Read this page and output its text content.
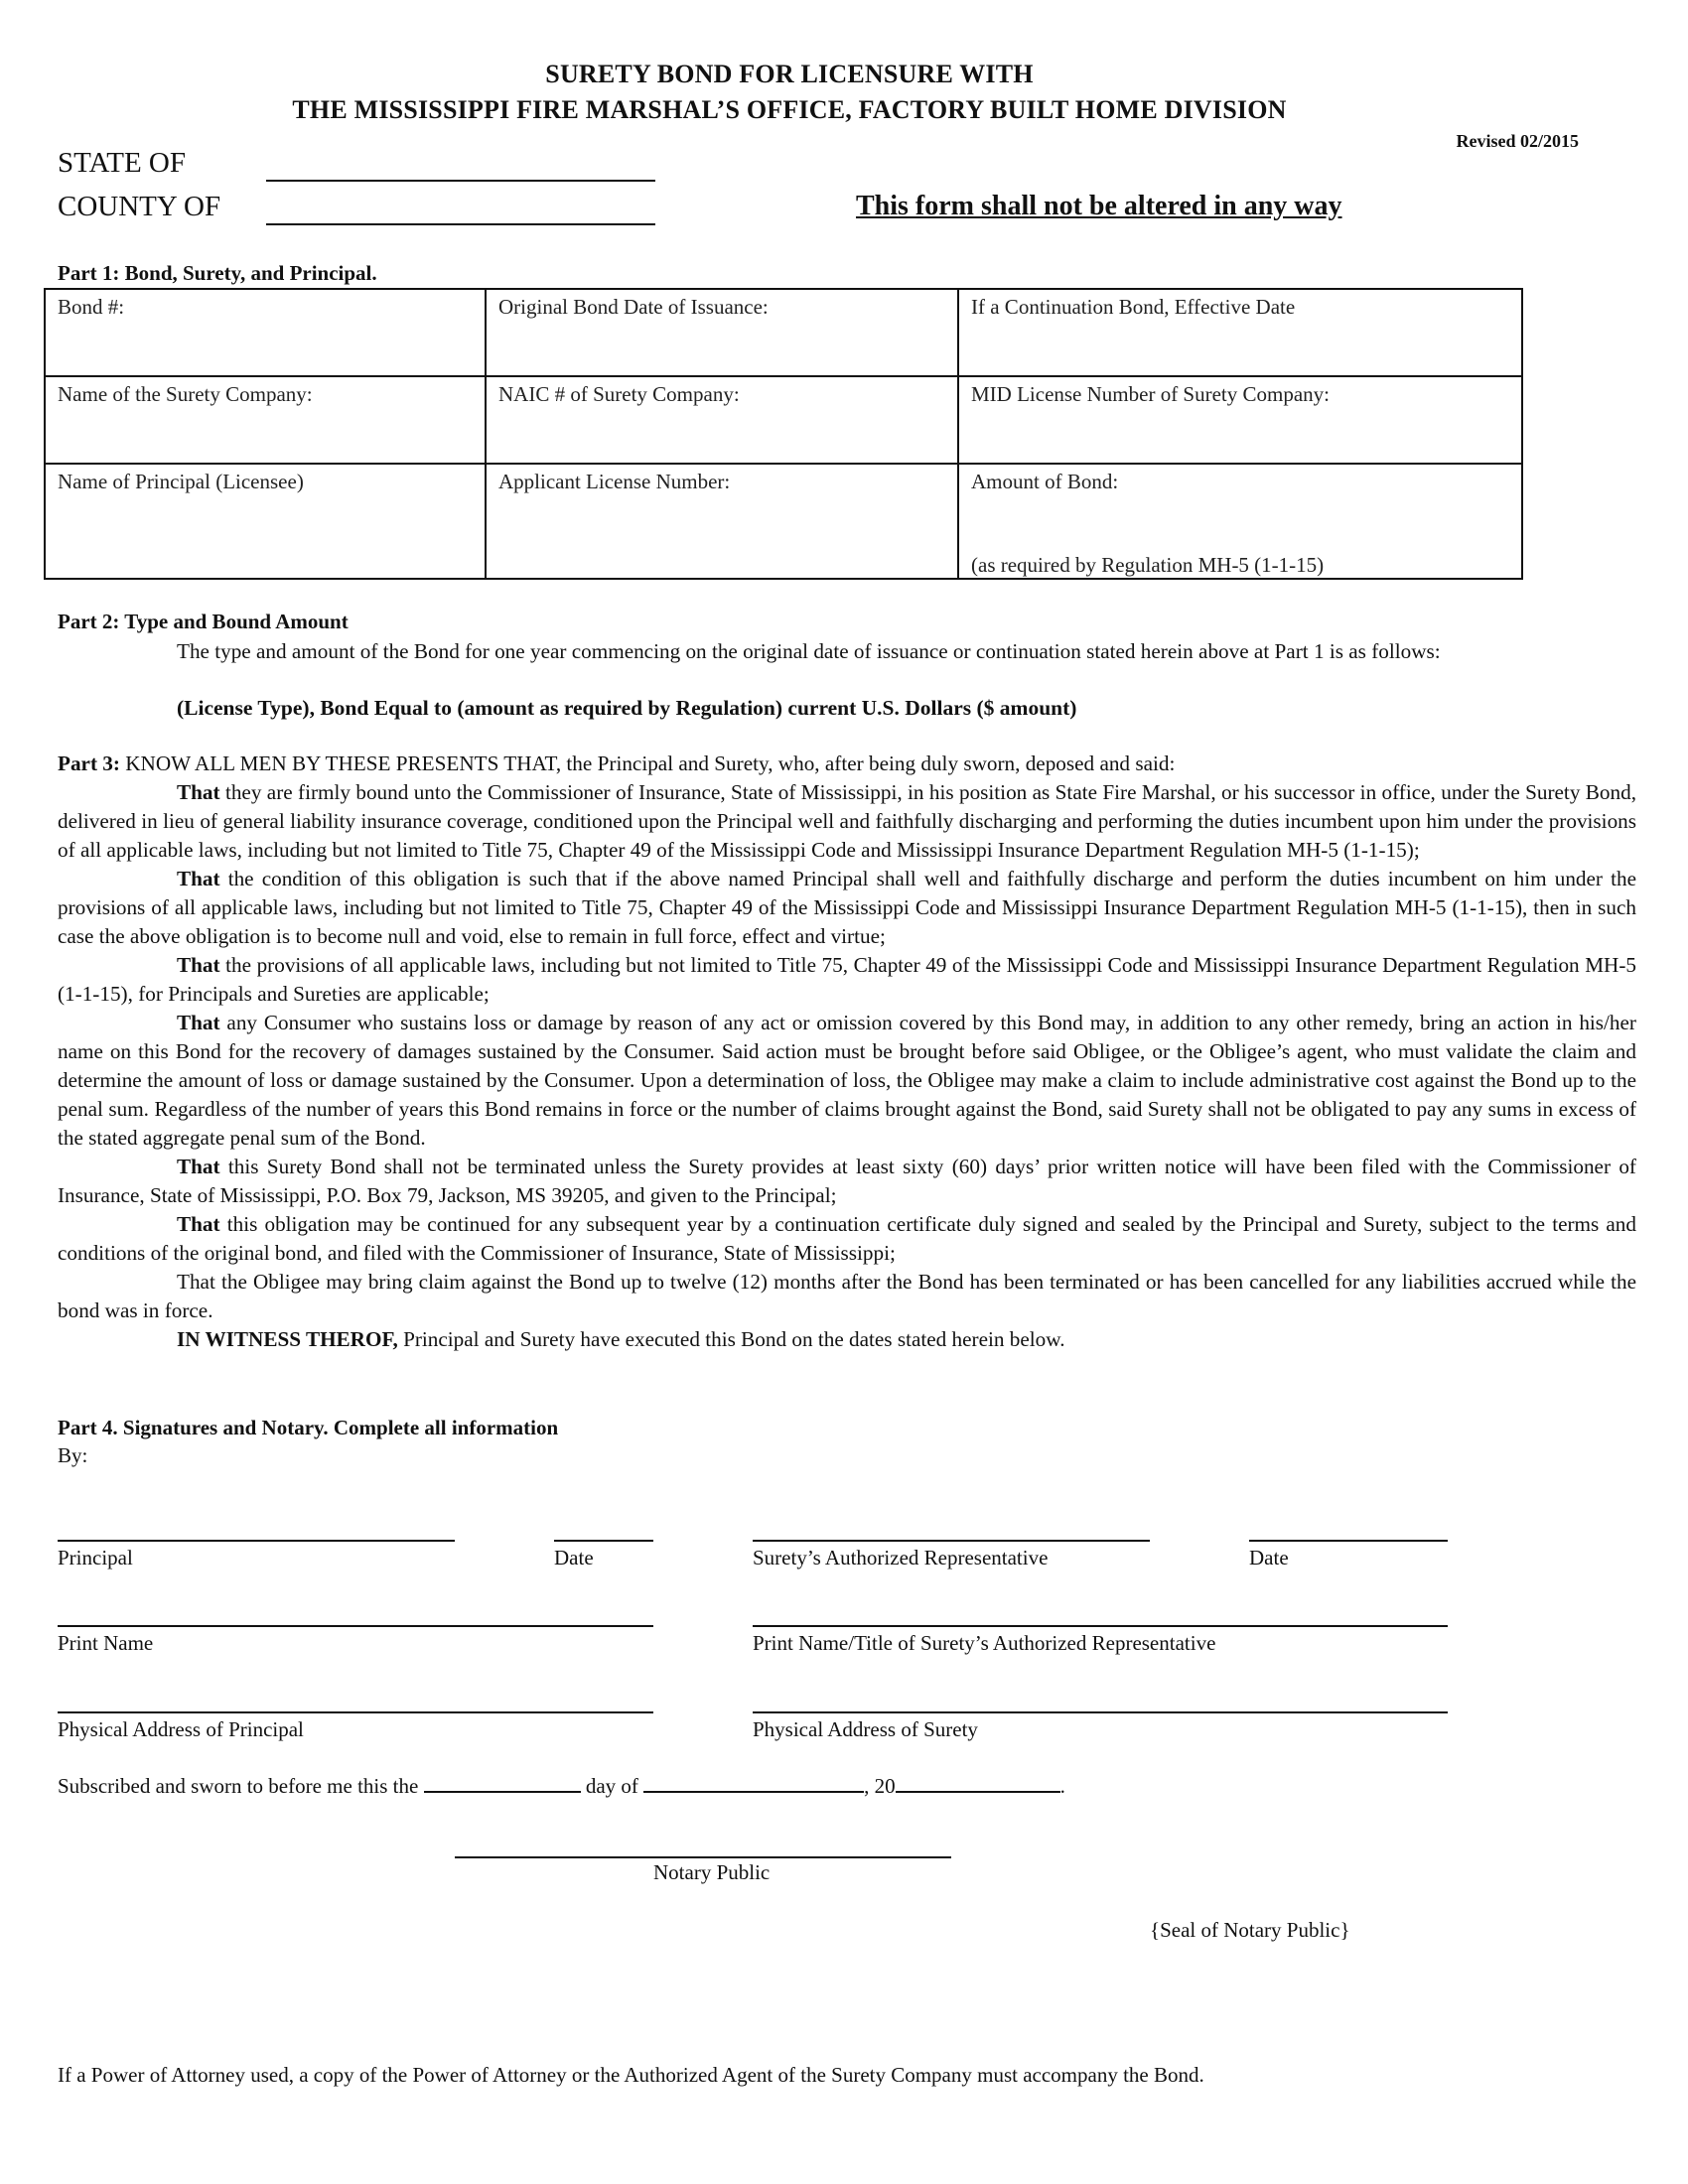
SURETY BOND FOR LICENSURE WITH
THE MISSISSIPPI FIRE MARSHAL’S OFFICE, FACTORY BUILT HOME DIVISION
Revised 02/2015
STATE OF
COUNTY OF	This form shall not be altered in any way
Part 1: Bond, Surety, and Principal.
Bond #:	Original Bond Date of Issuance:	If a Continuation Bond, Effective Date
Name of the Surety Company:	NAIC # of Surety Company:	MID License Number of Surety Company:
Name of Principal (Licensee)	Applicant License Number:	Amount of Bond:
(as required by Regulation MH-5 (1-1-15)
Part 2: Type and Bound Amount

The type and amount of the Bond for one year commencing on the original date of issuance or continuation stated herein above at Part 1 is as follows:

(License Type), Bond Equal to (amount as required by Regulation) current U.S. Dollars ($ amount)

Part 3: KNOW ALL MEN BY THESE PRESENTS THAT, the Principal and Surety, who, after being duly sworn, deposed and said:

That they are firmly bound unto the Commissioner of Insurance, State of Mississippi, in his position as State Fire Marshal, or his successor in office, under the Surety Bond, delivered in lieu of general liability insurance coverage, conditioned upon the Principal well and faithfully discharging and performing the duties incumbent upon him under the provisions of all applicable laws, including but not limited to Title 75, Chapter 49 of the Mississippi Code and Mississippi Insurance Department Regulation MH-5 (1-1-15);

That the condition of this obligation is such that if the above named Principal shall well and faithfully discharge and perform the duties incumbent on him under the provisions of all applicable laws, including but not limited to Title 75, Chapter 49 of the Mississippi Code and Mississippi Insurance Department Regulation MH-5 (1-1-15), then in such case the above obligation is to become null and void, else to remain in full force, effect and virtue;

That the provisions of all applicable laws, including but not limited to Title 75, Chapter 49 of the Mississippi Code and Mississippi Insurance Department Regulation MH-5 (1-1-15), for Principals and Sureties are applicable;

That any Consumer who sustains loss or damage by reason of any act or omission covered by this Bond may, in addition to any other remedy, bring an action in his/her name on this Bond for the recovery of damages sustained by the Consumer. Said action must be brought before said Obligee, or the Obligee’s agent, who must validate the claim and determine the amount of loss or damage sustained by the Consumer. Upon a determination of loss, the Obligee may make a claim to include administrative cost against the Bond up to the penal sum. Regardless of the number of years this Bond remains in force or the number of claims brought against the Bond, said Surety shall not be obligated to pay any sums in excess of the stated aggregate penal sum of the Bond.

That this Surety Bond shall not be terminated unless the Surety provides at least sixty (60) days’ prior written notice will have been filed with the Commissioner of Insurance, State of Mississippi, P.O. Box 79, Jackson, MS 39205, and given to the Principal;

That this obligation may be continued for any subsequent year by a continuation certificate duly signed and sealed by the Principal and Surety, subject to the terms and conditions of the original bond, and filed with the Commissioner of Insurance, State of Mississippi;

That the Obligee may bring claim against the Bond up to twelve (12) months after the Bond has been terminated or has been cancelled for any liabilities accrued while the bond was in force.

IN WITNESS THEROF, Principal and Surety have executed this Bond on the dates stated herein below.

Part 4. Signatures and Notary. Complete all information
By:
Principal	Date	Surety’s Authorized Representative	Date
Print Name	Print Name/Title of Surety’s Authorized Representative
Physical Address of Principal	Physical Address of Surety
Subscribed and sworn to before me this the	day of	, 20	.
Notary Public
{Seal of Notary Public}
If a Power of Attorney used, a copy of the Power of Attorney or the Authorized Agent of the Surety Company must accompany the Bond.
